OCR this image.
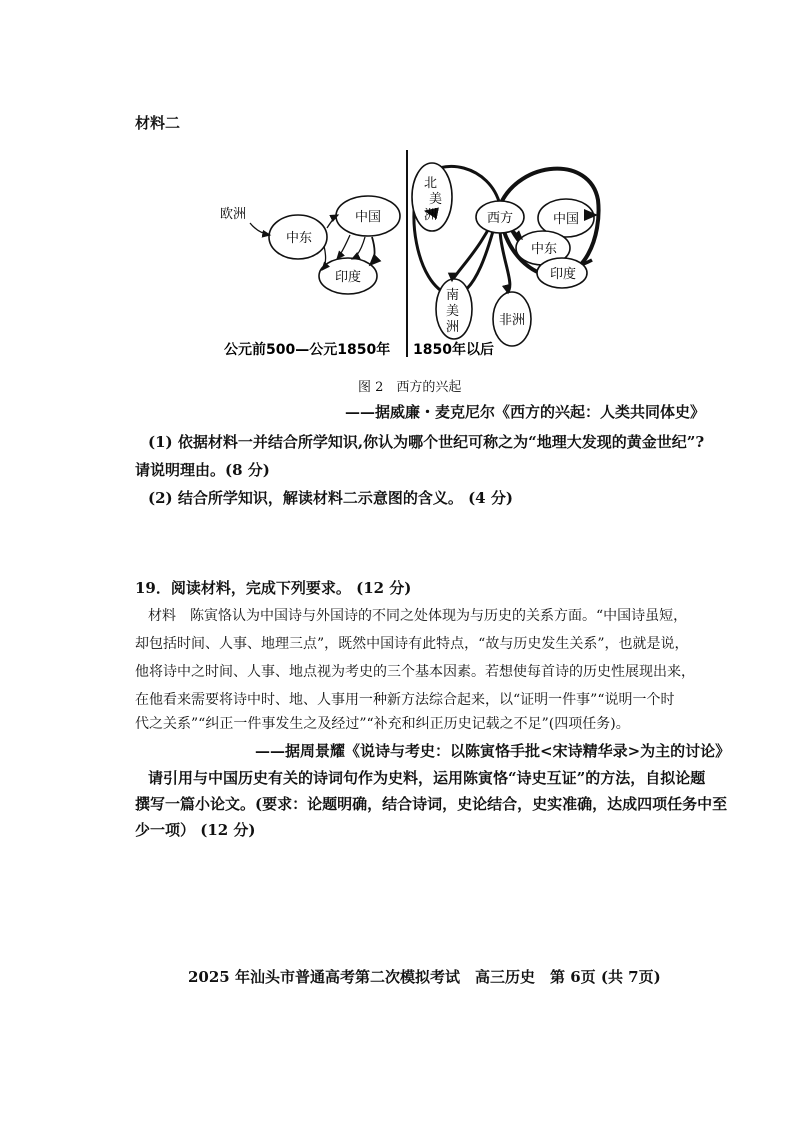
材料二
欧洲
中东
中国
印度
公元前500—公元1850年
北
美
洲	西方	中国
中东
印度
南
美
洲	非洲
1850年以后
图 2　西方的兴起
——据威廉・麦克尼尔《西方的兴起：人类共同体史》
(1) 依据材料一并结合所学知识,你认为哪个世纪可称之为“地理大发现的黄金世纪”?
请说明理由。(8 分)
(2) 结合所学知识，解读材料二示意图的含义。 (4 分)
19．阅读材料，完成下列要求。 (12 分)
材料　陈寅恪认为中国诗与外国诗的不同之处体现为与历史的关系方面。“中国诗虽短，
却包括时间、人事、地理三点”，既然中国诗有此特点，“故与历史发生关系”，也就是说，
他将诗中之时间、人事、地点视为考史的三个基本因素。若想使每首诗的历史性展现出来，
在他看来需要将诗中时、地、人事用一种新方法综合起来，以“证明一件事”“说明一个时
代之关系”“纠正一件事发生之及经过”“补充和纠正历史记载之不足”(四项任务)。
——据周景耀《说诗与考史：以陈寅恪手批<宋诗精华录>为主的讨论》
请引用与中国历史有关的诗词句作为史料，运用陈寅恪“诗史互证”的方法，自拟论题
撰写一篇小论文。(要求：论题明确，结合诗词，史论结合，史实准确，达成四项任务中至
少一项） (12 分)
2025 年汕头市普通高考第二次模拟考试　高三历史　第 6页 (共 7页)
